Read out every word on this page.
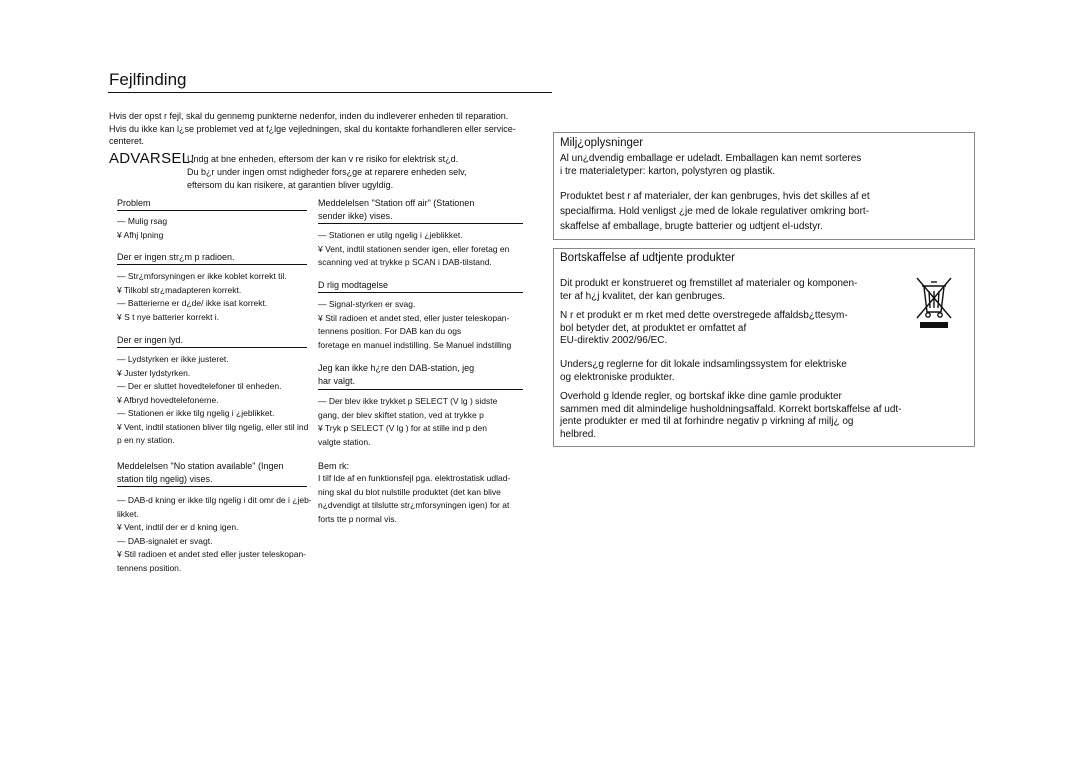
Fejlfinding
Hvis der opst r fejl, skal du gennemg punkterne nedenfor, inden du indleverer enheden til reparation.
Hvis du ikke kan l¿se problemet ved at f¿lge vejledningen, skal du kontakte forhandleren eller service-
centeret.
ADVARSEL:
Undg at bne enheden, eftersom der kan v re risiko for elektrisk st¿d.
Du b¿r under ingen omst ndigheder fors¿ge at reparere enheden selv,
eftersom du kan risikere, at garantien bliver ugyldig.
Problem
— Mulig rsag
¥ Afhj lpning
Der er ingen str¿m p radioen.
— Str¿mforsyningen er ikke koblet korrekt til.
¥ Tilkobl str¿madapteren korrekt.
— Batterierne er d¿de/ ikke isat korrekt.
¥ S t nye batterier korrekt i.
Der er ingen lyd.
— Lydstyrken er ikke justeret.
¥ Juster lydstyrken.
— Der er sluttet hovedtelefoner til enheden.
¥ Afbryd hovedtelefonerne.
— Stationen er ikke tilg ngelig i ¿jeblikket.
¥ Vent, indtil stationen bliver tilg ngelig, eller stil ind
p en ny station.
Meddelelsen "No station available" (Ingen
station tilg ngelig) vises.
— DAB-d kning er ikke tilg ngelig i dit omr de i ¿jeb-
likket.
¥ Vent, indtil der er d kning igen.
— DAB-signalet er svagt.
¥ Stil radioen et andet sted eller juster teleskopan-
tennens position.
Meddelelsen "Station off air" (Stationen
sender ikke) vises.
— Stationen er utilg ngelig i ¿jeblikket.
¥ Vent, indtil stationen sender igen, eller foretag en
scanning ved at trykke p SCAN i DAB-tilstand.
D rlig modtagelse
— Signal-styrken er svag.
¥ Stil radioen et andet sted, eller juster teleskopan-
tennens position. For DAB kan du ogs
foretage en manuel indstilling. Se Manuel indstilling
Jeg kan ikke h¿re den DAB-station, jeg
har valgt.
— Der blev ikke trykket p SELECT (V lg ) sidste
gang, der blev skiftet station, ved at trykke p
¥ Tryk p SELECT (V lg ) for at stille ind p den
valgte station.
Bem rk:
I tilf lde af en funktionsfejl pga. elektrostatisk udlad-
ning skal du blot nulstille produktet (det kan blive
n¿dvendigt at tilslutte str¿mforsyningen igen) for at
forts tte p normal vis.
Milj¿oplysninger
Al un¿dvendig emballage er udeladt. Emballagen kan nemt sorteres
i tre materialetyper: karton, polystyren og plastik.
Produktet best r af materialer, der kan genbruges, hvis det skilles af et
specialfirma. Hold venligst ¿je med de lokale regulativer omkring bort-
skaffelse af emballage, brugte batterier og udtjent el-udstyr.
Bortskaffelse af udtjente produkter
Dit produkt er konstrueret og fremstillet af materialer og komponen-
ter af h¿j kvalitet, der kan genbruges.
N r et produkt er m rket med dette overstregede affaldsb¿ttesym-
bol betyder det, at produktet er omfattet af
EU-direktiv 2002/96/EC.
Unders¿g reglerne for dit lokale indsamlingssystem for elektriske
og elektroniske produkter.
Overhold g ldende regler, og bortskaf ikke dine gamle produkter
sammen med dit almindelige husholdningsaffald. Korrekt bortskaffelse af udt-
jente produkter er med til at forhindre negativ p virkning af milj¿ og
helbred.
